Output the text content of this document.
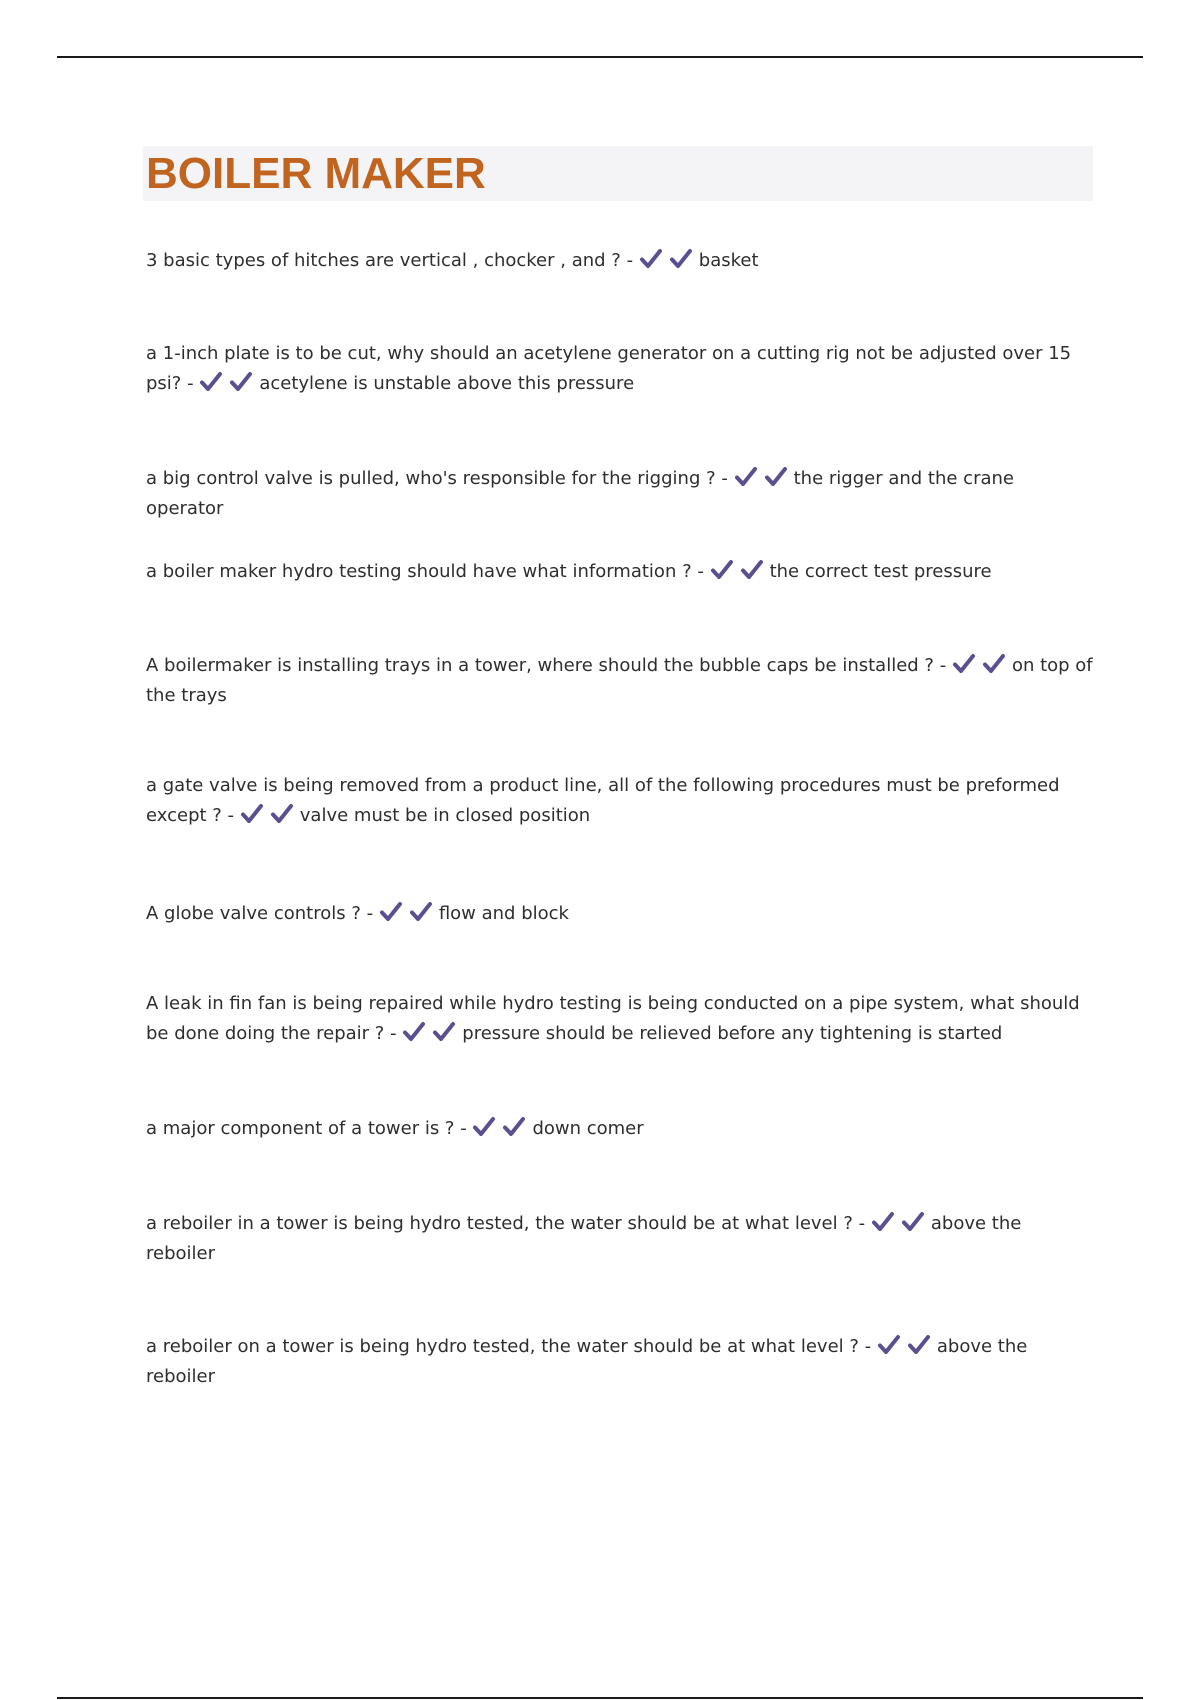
BOILER MAKER

3 basic types of hitches are vertical , chocker , and ? -	basket

a 1-inch plate is to be cut, why should an acetylene generator on a cutting rig not be adjusted over 15 psi? -	acetylene is unstable above this pressure

a big control valve is pulled, who's responsible for the rigging ? -	the rigger and the crane operator

a boiler maker hydro testing should have what information ? -	the correct test pressure

A boilermaker is installing trays in a tower, where should the bubble caps be installed ? -	on top of the trays

a gate valve is being removed from a product line, all of the following procedures must be preformed except ? -	valve must be in closed position

A globe valve controls ? -	flow and block

A leak in fin fan is being repaired while hydro testing is being conducted on a pipe system, what should be done doing the repair ? -	pressure should be relieved before any tightening is started

a major component of a tower is ? -	down comer

a reboiler in a tower is being hydro tested, the water should be at what level ? -	above the reboiler

a reboiler on a tower is being hydro tested, the water should be at what level ? -	above the reboiler
